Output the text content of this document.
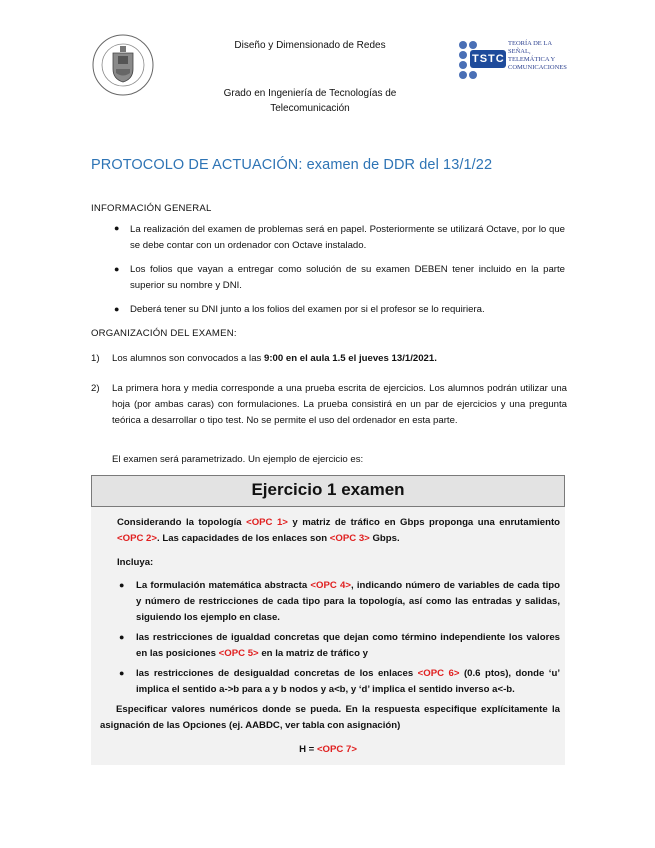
Diseño y Dimensionado de Redes
Grado en Ingeniería de Tecnologías de
Telecomunicación
TSTC
TEORÍA DE LA
SEÑAL,
TELEMÁTICA Y
COMUNICACIONES
PROTOCOLO DE ACTUACIÓN: examen de DDR del 13/1/22
INFORMACIÓN GENERAL
● La realización del examen de problemas será en papel. Posteriormente se utilizará Octave, por lo que se debe contar con un ordenador con Octave instalado.
● Los folios que vayan a entregar como solución de su examen DEBEN tener incluido en la parte superior su nombre y DNI.
● Deberá tener su DNI junto a los folios del examen por si el profesor se lo requiriera.
ORGANIZACIÓN DEL EXAMEN:
1) Los alumnos son convocados a las 9:00 en el aula 1.5 el jueves 13/1/2021.
2) La primera hora y media corresponde a una prueba escrita de ejercicios. Los alumnos podrán utilizar una hoja (por ambas caras) con formulaciones. La prueba consistirá en un par de ejercicios y una pregunta teórica a desarrollar o tipo test. No se permite el uso del ordenador en esta parte.
El examen será parametrizado. Un ejemplo de ejercicio es:
Ejercicio 1 examen
Considerando la topología <OPC 1> y matriz de tráfico en Gbps proponga una enrutamiento <OPC 2>. Las capacidades de los enlaces son <OPC 3> Gbps.
Incluya:
● La formulación matemática abstracta <OPC 4>, indicando número de variables de cada tipo y número de restricciones de cada tipo para la topología, así como las entradas y salidas, siguiendo los ejemplo en clase.
● las restricciones de igualdad concretas que dejan como término independiente los valores en las posiciones <OPC 5> en la matriz de tráfico y
● las restricciones de desigualdad concretas de los enlaces <OPC 6> (0.6 ptos), donde ‘u’ implica el sentido a->b para a y b nodos y a<b, y ‘d’ implica el sentido inverso a<-b.
Especificar valores numéricos donde se pueda. En la respuesta especifique explícitamente la asignación de las Opciones (ej. AABDC, ver tabla con asignación)
H = <OPC 7>
